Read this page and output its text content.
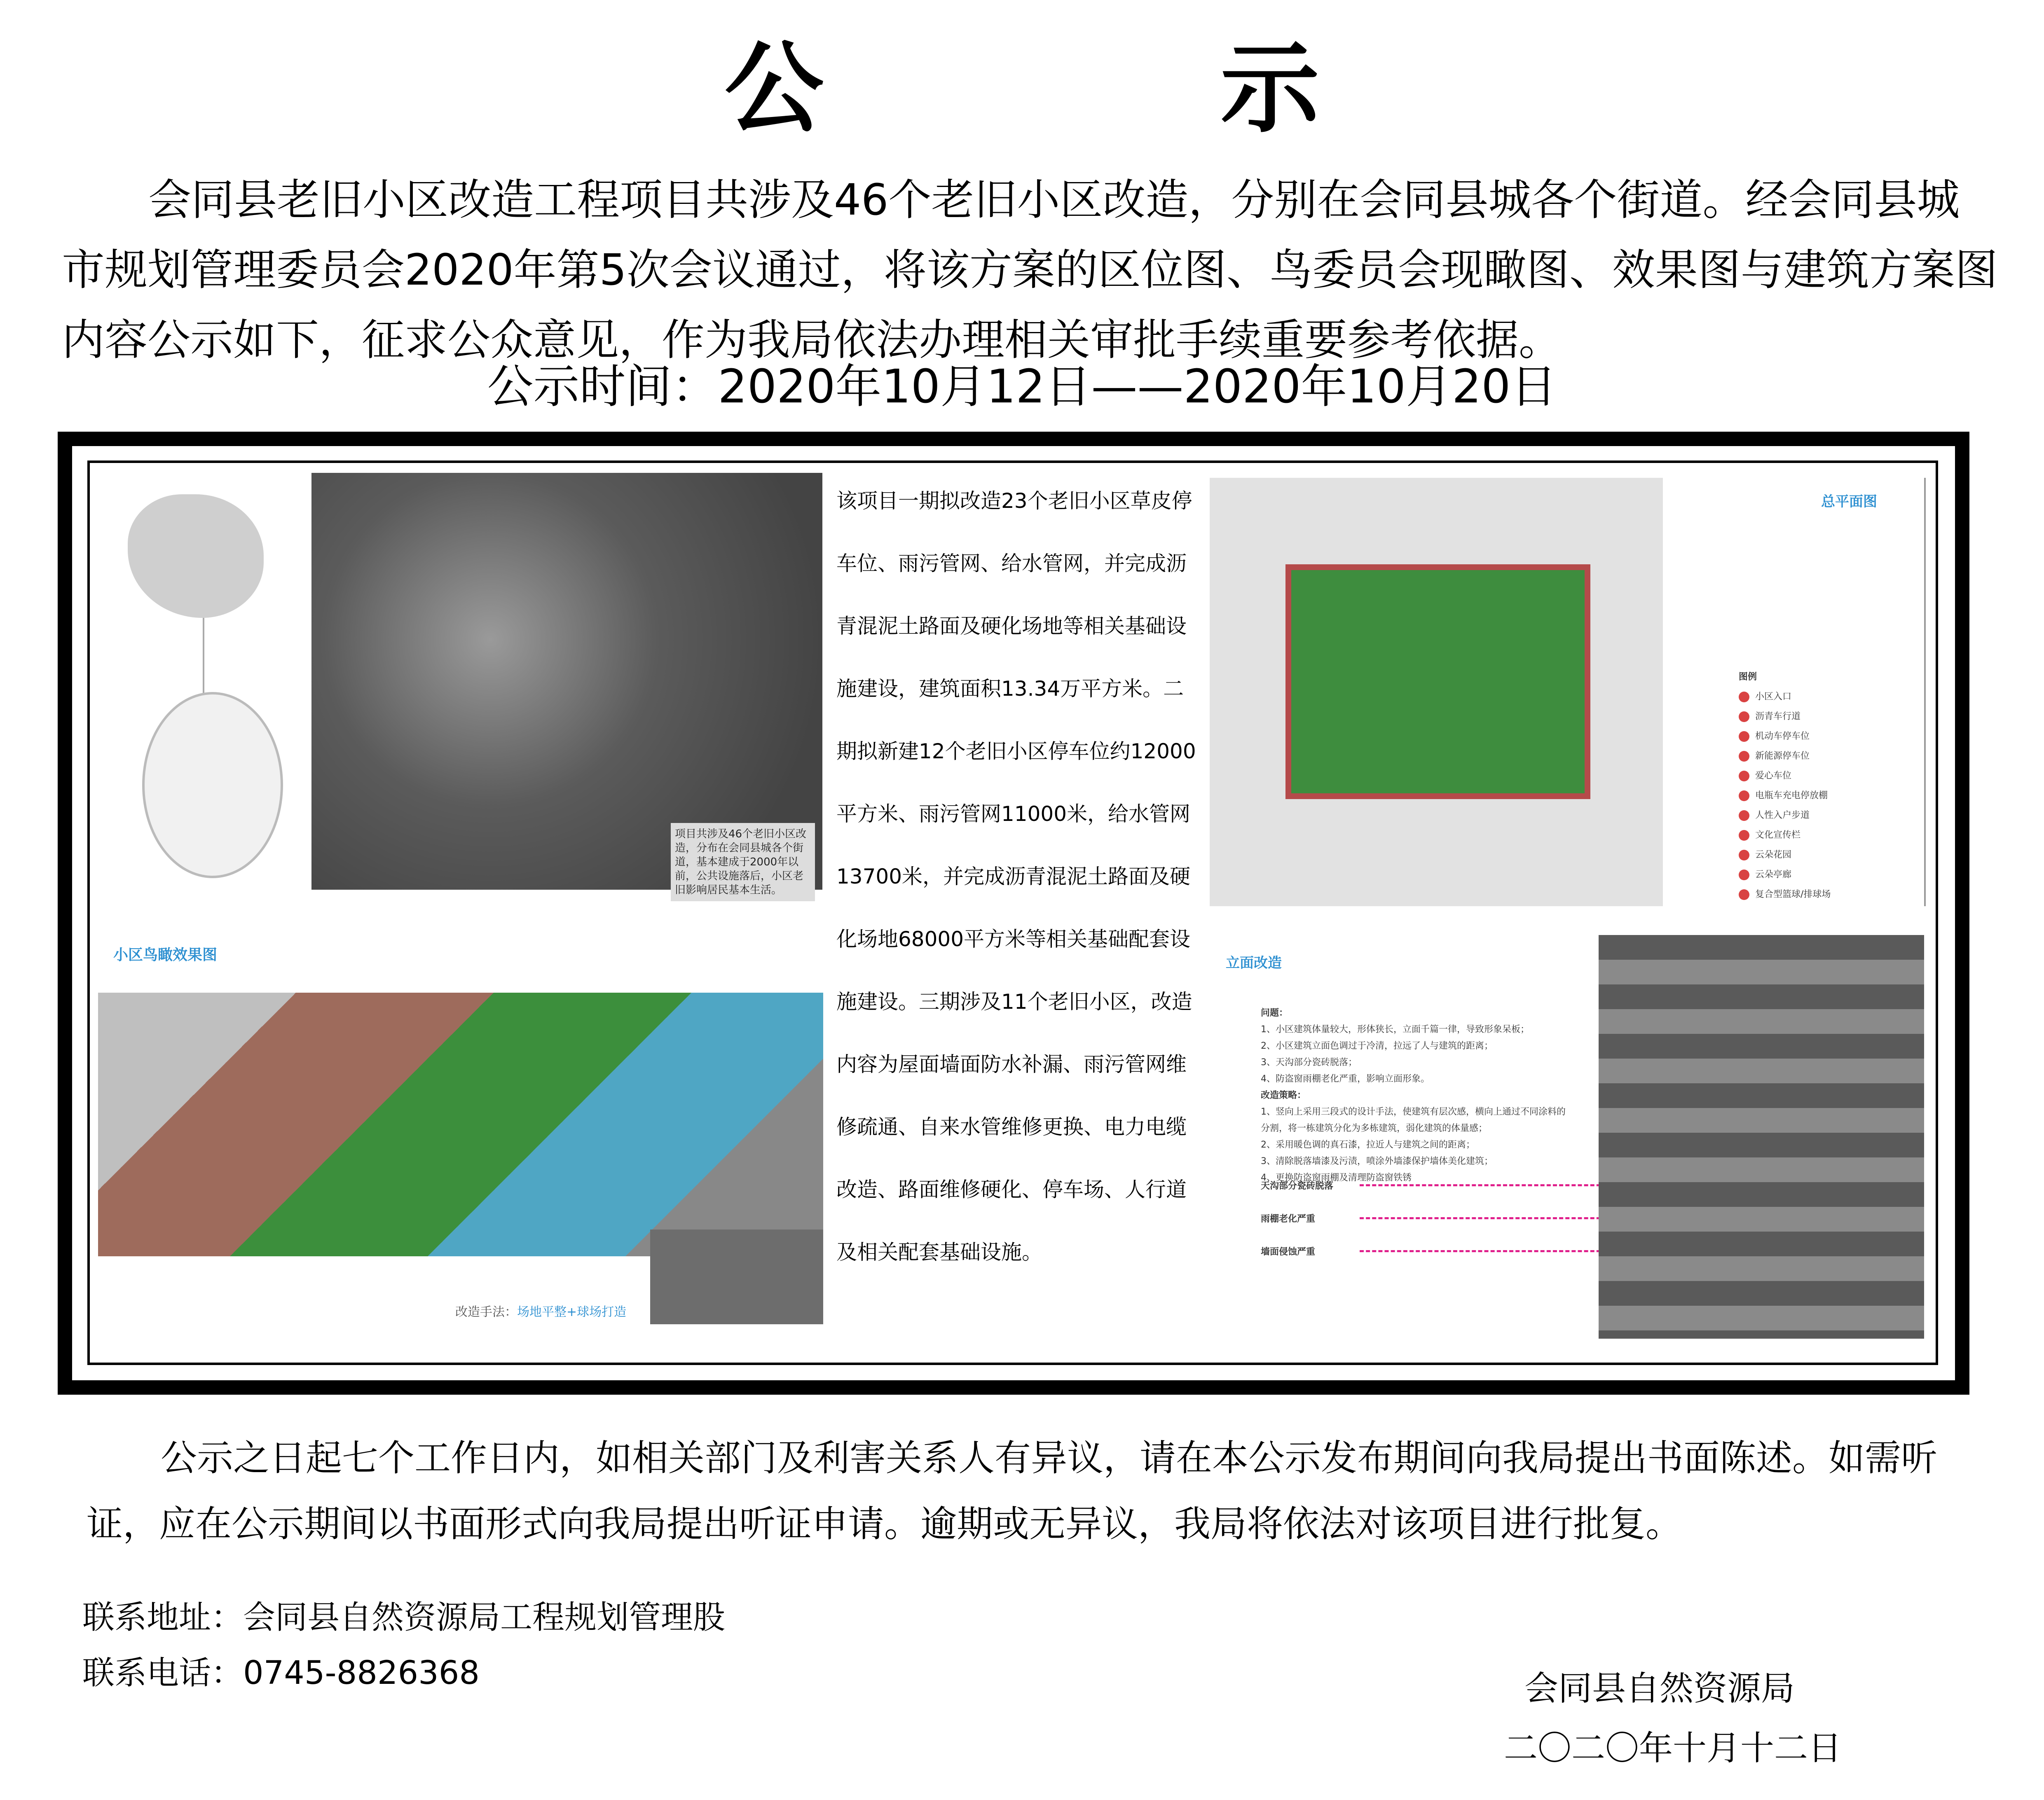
公 示
会同县老旧小区改造工程项目共涉及46个老旧小区改造，分别在会同县城各个街道。经会同县城市规划管理委员会2020年第5次会议通过，将该方案的区位图、鸟委员会现瞰图、效果图与建筑方案图内容公示如下，征求公众意见，作为我局依法办理相关审批手续重要参考依据。
公示时间：2020年10月12日——2020年10月20日
项目共涉及46个老旧小区改造，分布在会同县城各个街道，基本建成于2000年以前，公共设施落后，小区老旧影响居民基本生活。
该项目一期拟改造23个老旧小区草皮停车位、雨污管网、给水管网，并完成沥青混泥土路面及硬化场地等相关基础设施建设，建筑面积13.34万平方米。二期拟新建12个老旧小区停车位约12000平方米、雨污管网11000米，给水管网13700米，并完成沥青混泥土路面及硬化场地68000平方米等相关基础配套设施建设。三期涉及11个老旧小区，改造内容为屋面墙面防水补漏、雨污管网维修疏通、自来水管维修更换、电力电缆改造、路面维修硬化、停车场、人行道及相关配套基础设施。
小区鸟瞰效果图
改造手法：场地平整+球场打造
总平面图
图例
小区入口
沥青车行道
机动车停车位
新能源停车位
爱心车位
电瓶车充电停放棚
人性入户步道
文化宣传栏
云朵花园
云朵亭廊
复合型篮球/排球场
立面改造
问题：
1、小区建筑体量较大，形体狭长，立面千篇一律，导致形象呆板；
2、小区建筑立面色调过于冷清，拉远了人与建筑的距离；
3、天沟部分瓷砖脱落；
4、防盗窗雨棚老化严重，影响立面形象。
改造策略：
1、竖向上采用三段式的设计手法，使建筑有层次感，横向上通过不同涂料的分割，将一栋建筑分化为多栋建筑，弱化建筑的体量感；
2、采用暖色调的真石漆，拉近人与建筑之间的距离；
3、清除脱落墙漆及污渍，喷涂外墙漆保护墙体美化建筑；
4、更换防盗窗雨棚及清理防盗窗铁锈
天沟部分瓷砖脱落
雨棚老化严重
墙面侵蚀严重
公示之日起七个工作日内，如相关部门及利害关系人有异议，请在本公示发布期间向我局提出书面陈述。如需听证，应在公示期间以书面形式向我局提出听证申请。逾期或无异议，我局将依法对该项目进行批复。
联系地址：会同县自然资源局工程规划管理股
联系电话：0745-8826368	会同县自然资源局
二〇二〇年十月十二日
